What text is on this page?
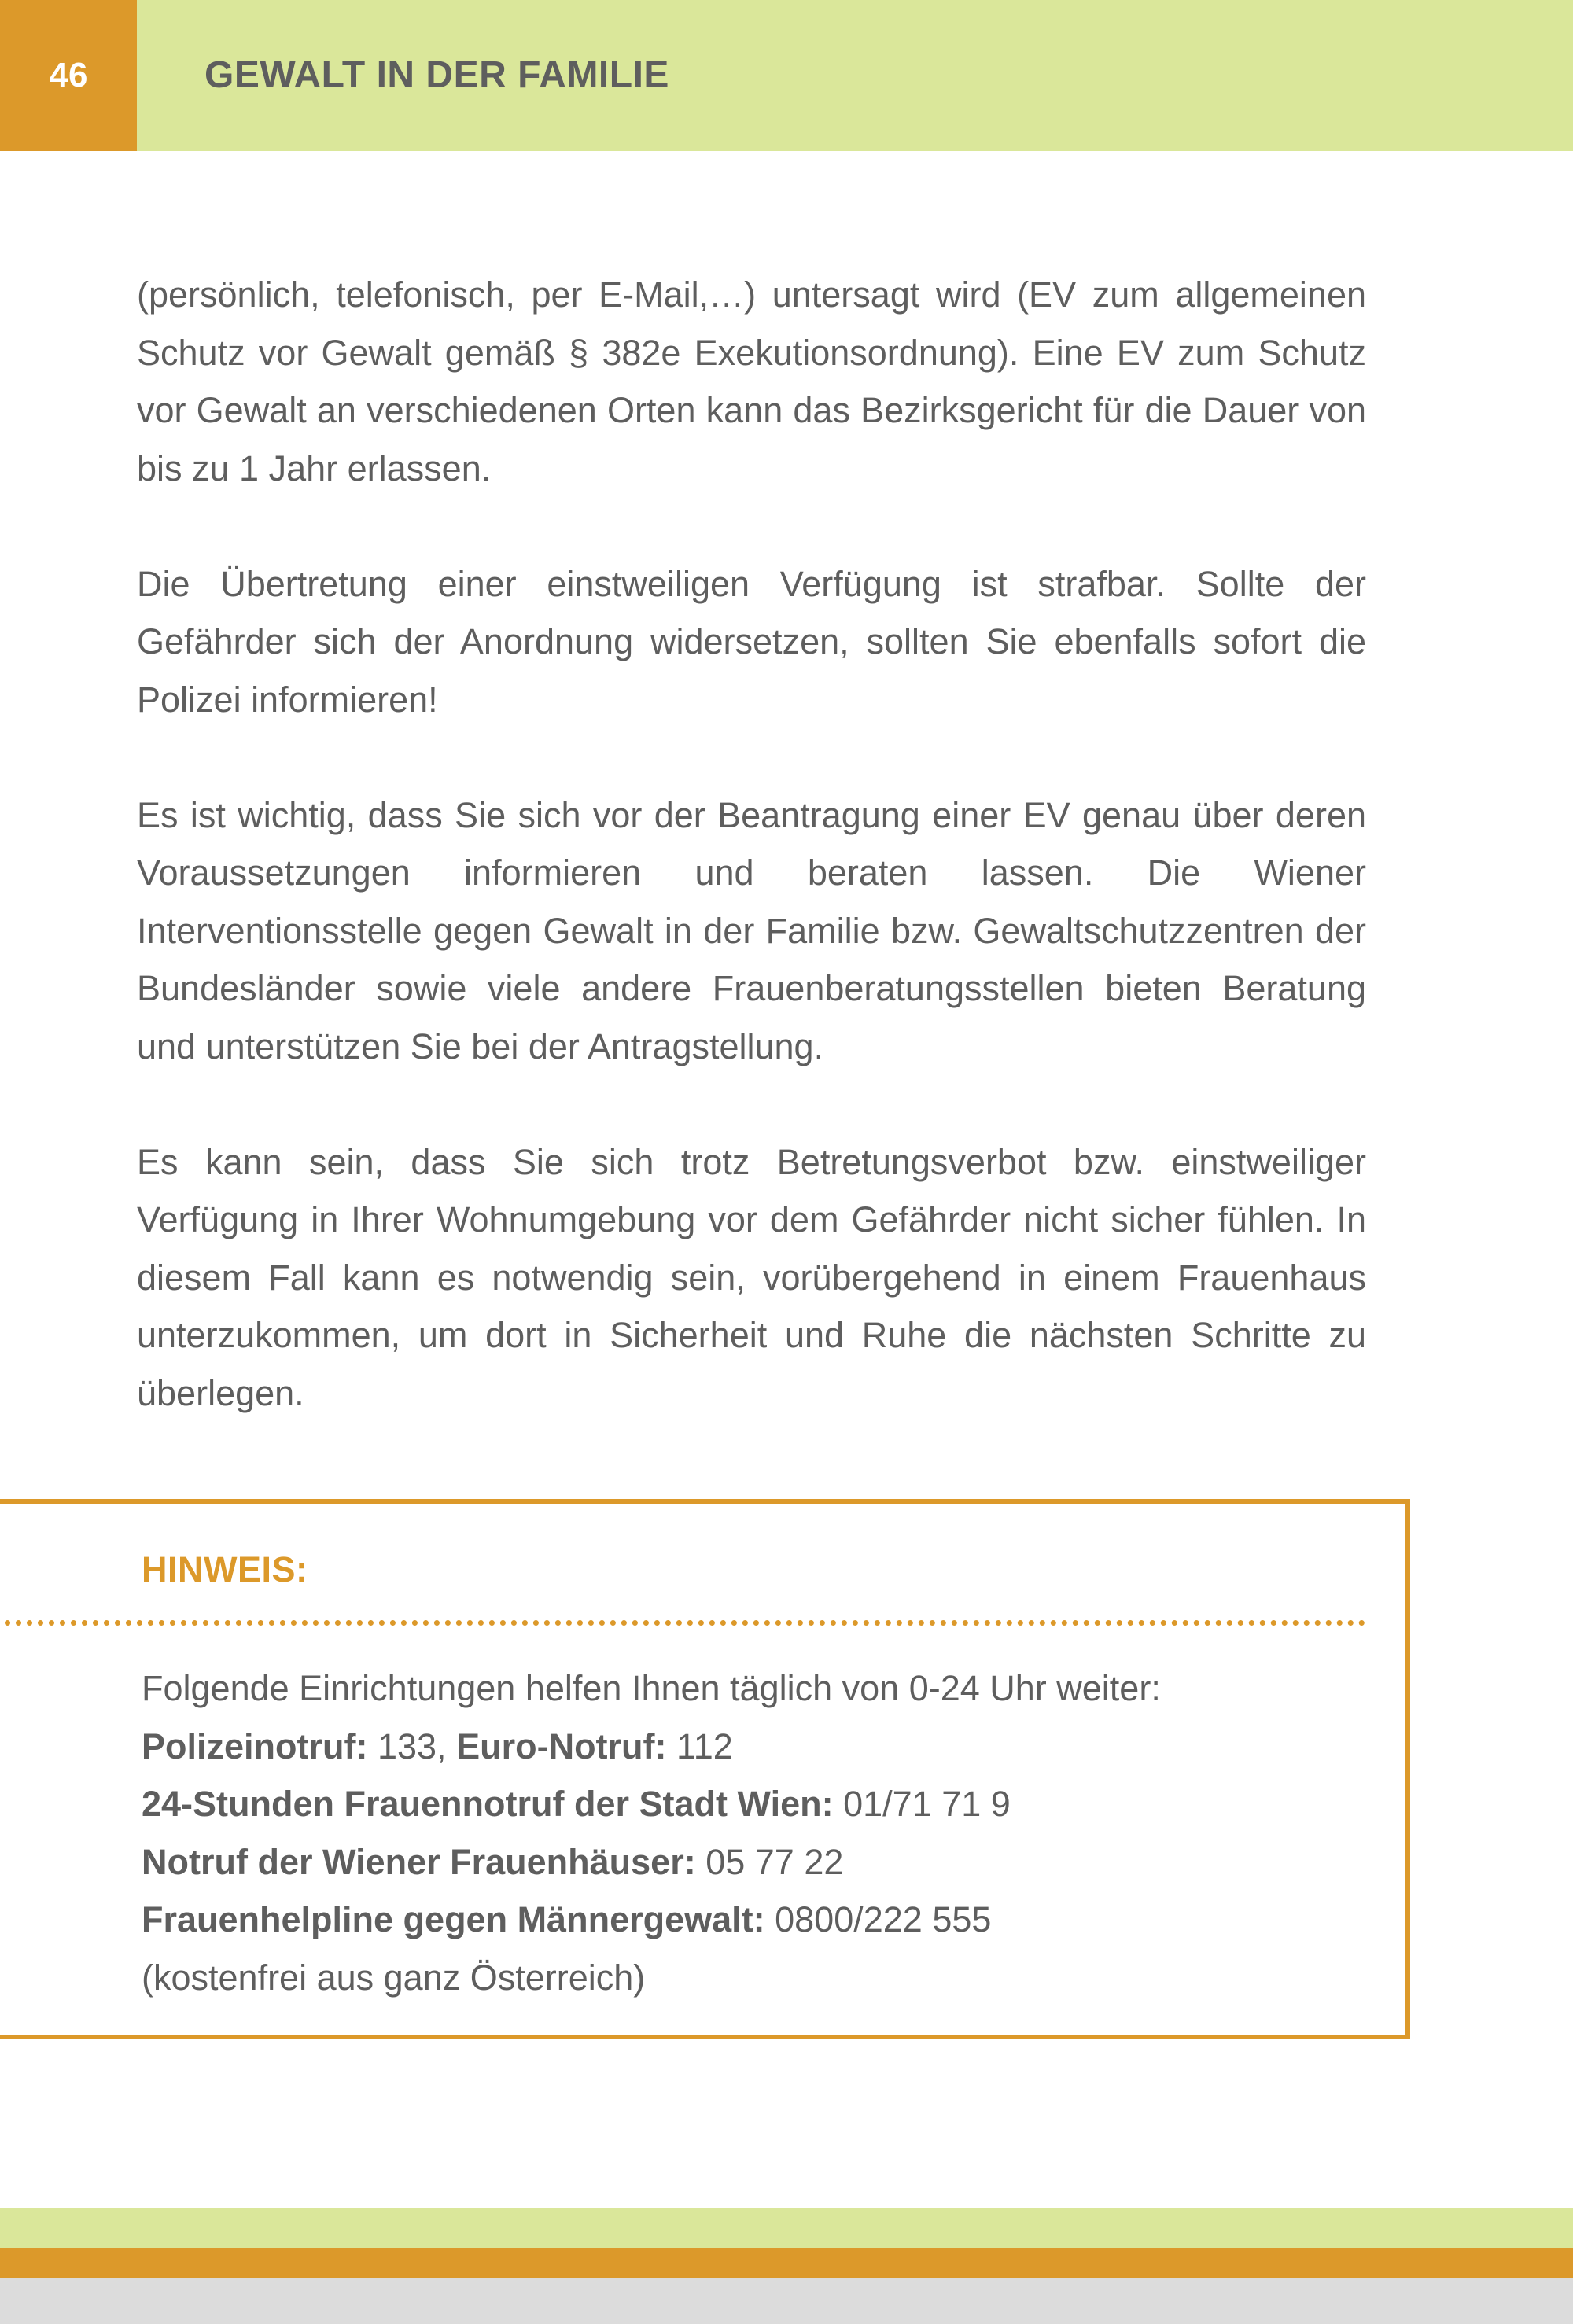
46	GEWALT IN DER FAMILIE

(persönlich, telefonisch, per E-Mail,…) untersagt wird (EV zum allgemeinen Schutz vor Gewalt gemäß § 382e Exekutionsordnung). Eine EV zum Schutz vor Gewalt an verschiedenen Orten kann das Bezirksgericht für die Dauer von bis zu 1 Jahr erlassen.

Die Übertretung einer einstweiligen Verfügung ist strafbar. Sollte der Gefährder sich der Anordnung widersetzen, sollten Sie ebenfalls sofort die Polizei informieren!

Es ist wichtig, dass Sie sich vor der Beantragung einer EV genau über deren Voraussetzungen informieren und beraten lassen. Die Wiener Interventionsstelle gegen Gewalt in der Familie bzw. Gewaltschutzzentren der Bundesländer sowie viele andere Frauenberatungsstellen bieten Beratung und unterstützen Sie bei der Antragstellung.

Es kann sein, dass Sie sich trotz Betretungsverbot bzw. einstweiliger Verfügung in Ihrer Wohnumgebung vor dem Gefährder nicht sicher fühlen. In diesem Fall kann es notwendig sein, vorübergehend in einem Frauenhaus unterzukommen, um dort in Sicherheit und Ruhe die nächsten Schritte zu überlegen.

HINWEIS:
Folgende Einrichtungen helfen Ihnen täglich von 0-24 Uhr weiter:
Polizeinotruf: 133, Euro-Notruf: 112
24-Stunden Frauennotruf der Stadt Wien: 01/71 71 9
Notruf der Wiener Frauenhäuser: 05 77 22
Frauenhelpline gegen Männergewalt: 0800/222 555
(kostenfrei aus ganz Österreich)
